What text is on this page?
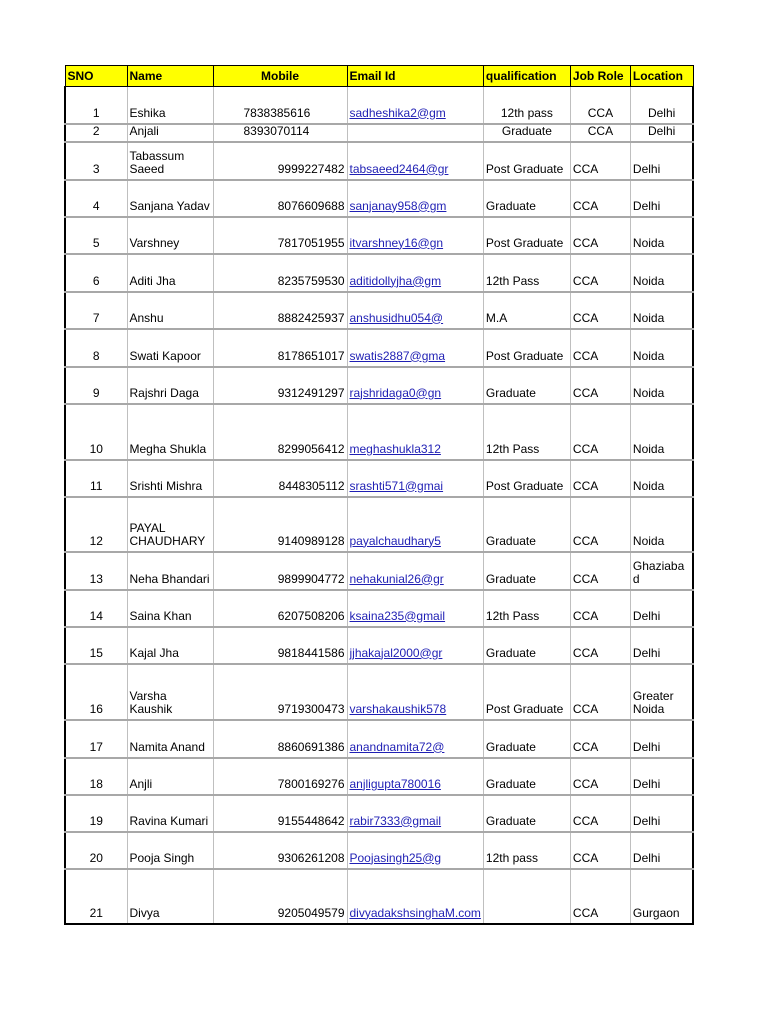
SNO	Name	Mobile	Email Id	qualification	Job Role	Location
1	Eshika	7838385616	sadheshika2@gm	12th pass	CCA	Delhi
2	Anjali	8393070114		Graduate	CCA	Delhi
3	Tabassum Saeed	9999227482	tabsaeed2464@gr	Post Graduate	CCA	Delhi
4	Sanjana Yadav	8076609688	sanjanay958@gm	Graduate	CCA	Delhi
5	Varshney	7817051955	itvarshney16@gn	Post Graduate	CCA	Noida
6	Aditi Jha	8235759530	aditidollyjha@gm	12th Pass	CCA	Noida
7	Anshu	8882425937	anshusidhu054@	M.A	CCA	Noida
8	Swati Kapoor	8178651017	swatis2887@gma	Post Graduate	CCA	Noida
9	Rajshri Daga	9312491297	rajshridaga0@gn	Graduate	CCA	Noida
10	Megha Shukla	8299056412	meghashukla312	12th Pass	CCA	Noida
11	Srishti Mishra	8448305112	srashti571@gmai	Post Graduate	CCA	Noida
12	PAYAL CHAUDHARY	9140989128	payalchaudhary5	Graduate	CCA	Noida
13	Neha Bhandari	9899904772	nehakunial26@gr	Graduate	CCA	Ghaziabad
14	Saina Khan	6207508206	ksaina235@gmail	12th Pass	CCA	Delhi
15	Kajal Jha	9818441586	jjhakajal2000@gr	Graduate	CCA	Delhi
16	Varsha Kaushik	9719300473	varshakaushik578	Post Graduate	CCA	Greater Noida
17	Namita Anand	8860691386	anandnamita72@	Graduate	CCA	Delhi
18	Anjli	7800169276	anjligupta780016	Graduate	CCA	Delhi
19	Ravina Kumari	9155448642	rabir7333@gmail	Graduate	CCA	Delhi
20	Pooja Singh	9306261208	Poojasingh25@g	12th pass	CCA	Delhi
21	Divya	9205049579	divyadakshsinghaM.com		CCA	Gurgaon
